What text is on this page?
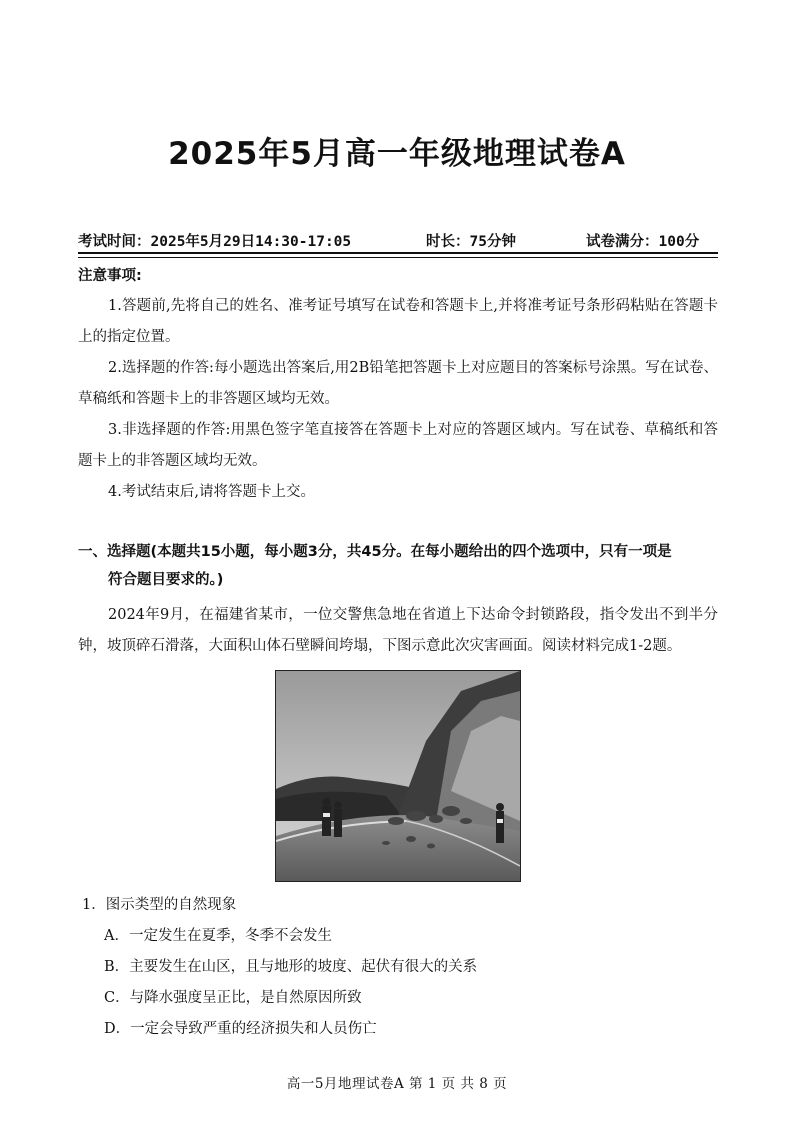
2025年5月高一年级地理试卷A
考试时间：2025年5月29日14:30-17:05	时长：75分钟	试卷满分：100分
注意事项:

1.答题前,先将自己的姓名、准考证号填写在试卷和答题卡上,并将准考证号条形码粘贴在答题卡上的指定位置。

2.选择题的作答:每小题选出答案后,用2B铅笔把答题卡上对应题目的答案标号涂黑。写在试卷、草稿纸和答题卡上的非答题区域均无效。

3.非选择题的作答:用黑色签字笔直接答在答题卡上对应的答题区域内。写在试卷、草稿纸和答题卡上的非答题区域均无效。

4.考试结束后,请将答题卡上交。

一、选择题(本题共15小题，每小题3分，共45分。在每小题给出的四个选项中，只有一项是

符合题目要求的。)

2024年9月，在福建省某市，一位交警焦急地在省道上下达命令封锁路段，指令发出不到半分钟，坡顶碎石滑落，大面积山体石壁瞬间垮塌，下图示意此次灾害画面。阅读材料完成1-2题。

1．图示类型的自然现象
A．一定发生在夏季，冬季不会发生
B．主要发生在山区，且与地形的坡度、起伏有很大的关系
C．与降水强度呈正比，是自然原因所致
D．一定会导致严重的经济损失和人员伤亡
高一5月地理试卷A 第 1 页 共 8 页
